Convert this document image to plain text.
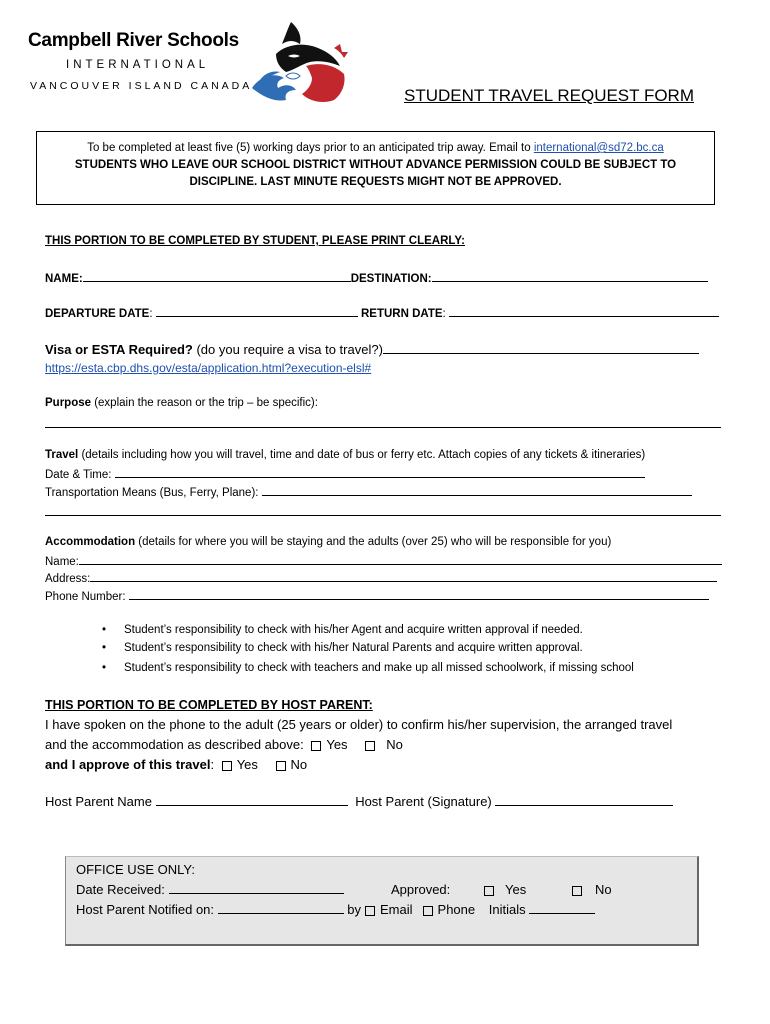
Campbell River Schools
INTERNATIONAL
VANCOUVER ISLAND CANADA	STUDENT TRAVEL REQUEST FORM
To be completed at least five (5) working days prior to an anticipated trip away. Email to international@sd72.bc.ca
STUDENTS WHO LEAVE OUR SCHOOL DISTRICT WITHOUT ADVANCE PERMISSION COULD BE SUBJECT TO
DISCIPLINE. LAST MINUTE REQUESTS MIGHT NOT BE APPROVED.
THIS PORTION TO BE COMPLETED BY STUDENT, PLEASE PRINT CLEARLY:
NAME:	DESTINATION:
DEPARTURE DATE:	RETURN DATE:
Visa or ESTA Required? (do you require a visa to travel?)
https://esta.cbp.dhs.gov/esta/application.html?execution-elsl#
Purpose (explain the reason or the trip – be specific):
Travel (details including how you will travel, time and date of bus or ferry etc. Attach copies of any tickets & itineraries)
Date & Time:
Transportation Means (Bus, Ferry, Plane):
Accommodation (details for where you will be staying and the adults (over 25) who will be responsible for you)
Name:
Address:
Phone Number:
• Student’s responsibility to check with his/her Agent and acquire written approval if needed.
• Student’s responsibility to check with his/her Natural Parents and acquire written approval.
• Student’s responsibility to check with teachers and make up all missed schoolwork, if missing school
THIS PORTION TO BE COMPLETED BY HOST PARENT:
I have spoken on the phone to the adult (25 years or older) to confirm his/her supervision, the arranged travel
and the accommodation as described above: Yes	No
and I approve of this travel: Yes	No
Host Parent Name	Host Parent (Signature)
OFFICE USE ONLY:
Date Received:	Approved:	Yes	No
Host Parent Notified on:	by Email Phone Initials
